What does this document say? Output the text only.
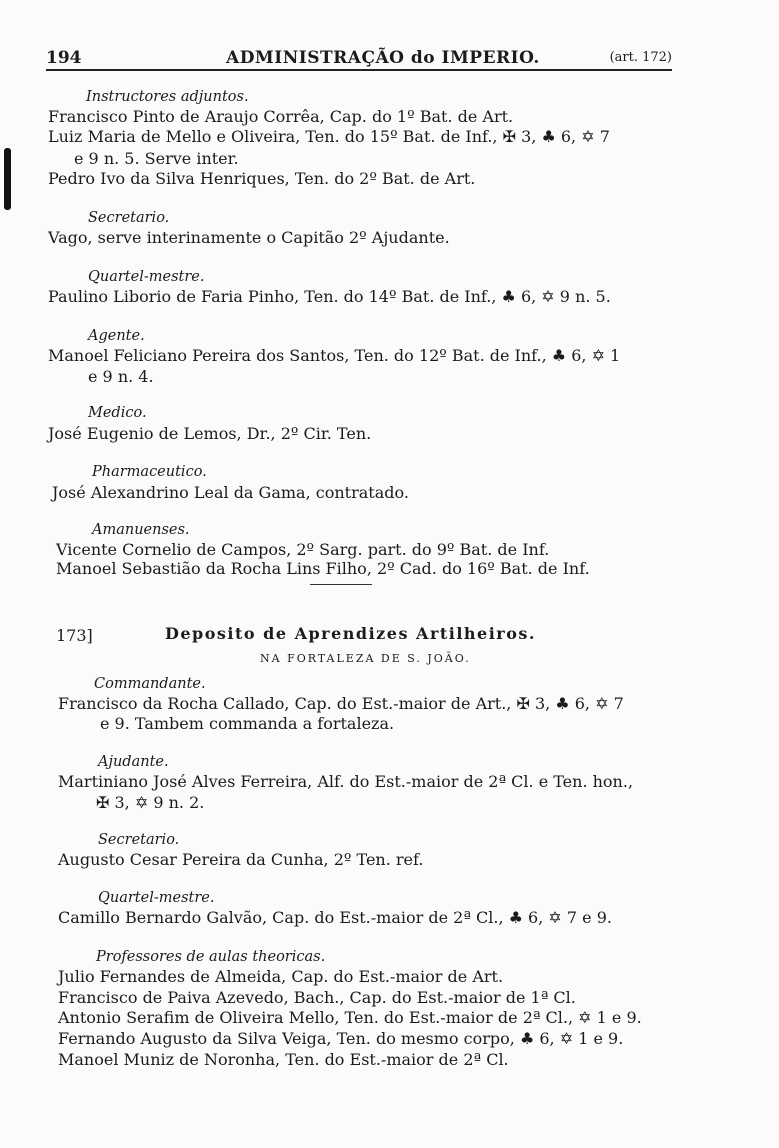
194	ADMINISTRAÇÃO do IMPERIO.	(art. 172)
Instructores adjuntos.
Francisco Pinto de Araujo Corrêa, Cap. do 1º Bat. de Art.
Luiz Maria de Mello e Oliveira, Ten. do 15º Bat. de Inf., ✠ 3, ♣ 6, ✡ 7
e 9 n. 5. Serve inter.
Pedro Ivo da Silva Henriques, Ten. do 2º Bat. de Art.
Secretario.
Vago, serve interinamente o Capitão 2º Ajudante.
Quartel-mestre.
Paulino Liborio de Faria Pinho, Ten. do 14º Bat. de Inf., ♣ 6, ✡ 9 n. 5.
Agente.
Manoel Feliciano Pereira dos Santos, Ten. do 12º Bat. de Inf., ♣ 6, ✡ 1
e 9 n. 4.
Medico.
José Eugenio de Lemos, Dr., 2º Cir. Ten.
Pharmaceutico.
José Alexandrino Leal da Gama, contratado.
Amanuenses.
Vicente Cornelio de Campos, 2º Sarg. part. do 9º Bat. de Inf.
Manoel Sebastião da Rocha Lins Filho, 2º Cad. do 16º Bat. de Inf.
173]	Deposito de Aprendizes Artilheiros.
NA FORTALEZA DE S. JOÃO.
Commandante.
Francisco da Rocha Callado, Cap. do Est.-maior de Art., ✠ 3, ♣ 6, ✡ 7
e 9. Tambem commanda a fortaleza.
Ajudante.
Martiniano José Alves Ferreira, Alf. do Est.-maior de 2ª Cl. e Ten. hon.,
✠ 3, ✡ 9 n. 2.
Secretario.
Augusto Cesar Pereira da Cunha, 2º Ten. ref.
Quartel-mestre.
Camillo Bernardo Galvão, Cap. do Est.-maior de 2ª Cl., ♣ 6, ✡ 7 e 9.
Professores de aulas theoricas.
Julio Fernandes de Almeida, Cap. do Est.-maior de Art.
Francisco de Paiva Azevedo, Bach., Cap. do Est.-maior de 1ª Cl.
Antonio Serafim de Oliveira Mello, Ten. do Est.-maior de 2ª Cl., ✡ 1 e 9.
Fernando Augusto da Silva Veiga, Ten. do mesmo corpo, ♣ 6, ✡ 1 e 9.
Manoel Muniz de Noronha, Ten. do Est.-maior de 2ª Cl.
